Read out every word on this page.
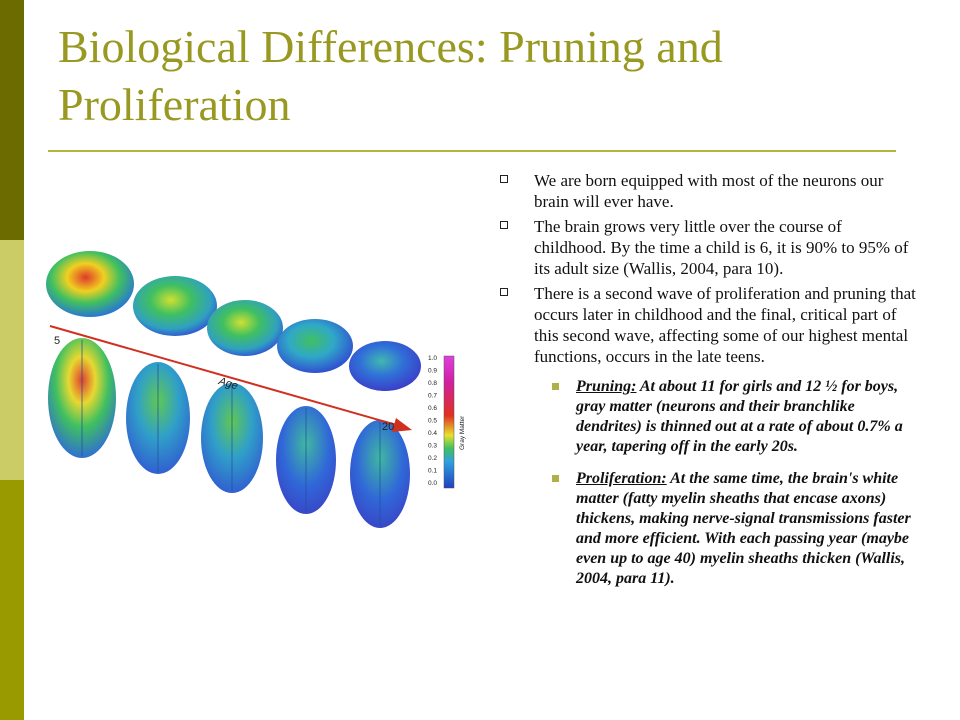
Biological Differences: Pruning and Proliferation
5
Age
20
1.0
0.9
0.8
0.7
0.6
0.5
0.4
0.3
0.2
0.1
0.0
Gray Matter
We are born equipped with most of the neurons our brain will ever have.
The brain grows very little over the course of childhood. By the time a child is 6, it is 90% to 95% of its adult size (Wallis, 2004, para 10).
There is a second wave of proliferation and pruning that occurs later in childhood and the final, critical part of this second wave, affecting some of our highest mental functions, occurs in the late teens.
Pruning: At about 11 for girls and 12 ½ for boys, gray matter (neurons and their branchlike dendrites) is thinned out at a rate of about 0.7% a year, tapering off in the early 20s.
Proliferation: At the same time, the brain's white matter (fatty myelin sheaths that encase axons) thickens, making nerve-signal transmissions faster and more efficient. With each passing year (maybe even up to age 40) myelin sheaths thicken (Wallis, 2004, para 11).
